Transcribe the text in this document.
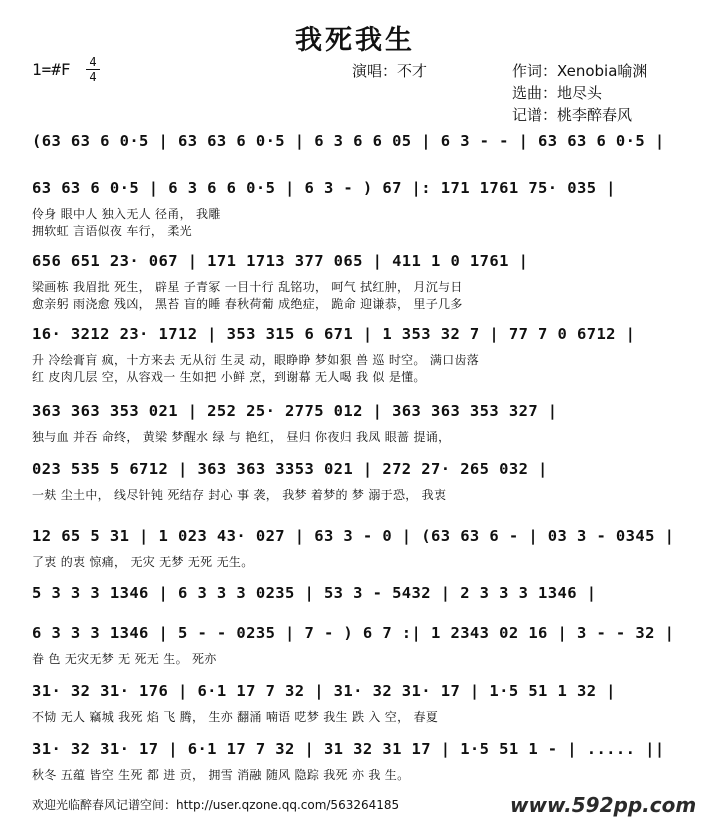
我死我生
1=#F 4
4	演唱：不才	作词：Xenobia喻渊
选曲：地尽头
记谱：桃李醉春风
(63 63 6 0·5 | 63 63 6 0·5 | 6 3 6 6 05 | 6 3 - - | 63 63 6 0·5 |
63 63 6 0·5 | 6 3 6 6 0·5 | 6 3 - ) 67 |: 171 1761 75· 035 |
伶身 眼中人 独入无人 径甬， 我雕
拥软虹 言语似夜 车行， 柔光
656 651 23· 067 | 171 1713 377 065 | 411 1 0 1761 |
梁画栋 我眉批 死生， 辟星 子青冢 一目十行 乱铭功， 呵气 拭红肿， 月沉与日
愈亲躬 雨浇愈 残凶， 黑苔 盲的睡 春秋荷葡 成绝症， 跪命 迎谦恭， 里子几多
16· 3212 23· 1712 | 353 315 6 671 | 1 353 32 7 | 77 7 0 6712 |
升 冷绘膏肓 疯，十方来去 无从衍 生灵 动，眼睁睁 梦如狠 兽 巡 时空。 满口齿落
红 皮肉几层 空，从容戏一 生如把 小鲜 烹，到谢幕 无人喝 我 似 是懂。
363 363 353 021 | 252 25· 2775 012 | 363 363 353 327 |
独与血 并吞 命终， 黄梁 梦醒水 绿 与 艳红， 昼归 你夜归 我凤 眼蔷 提诵，
023 535 5 6712 | 363 363 3353 021 | 272 27· 265 032 |
一麸 尘土中， 线尽针钝 死结存 封心 事 袭， 我梦 着梦的 梦 溺于恐， 我衷
12 65 5 31 | 1 023 43· 027 | 63 3 - 0 | (63 63 6 - | 03 3 - 0345 |
了衷 的衷 惊痛， 无灾 无梦 无死 无生。
5 3 3 3 1346 | 6 3 3 3 0235 | 53 3 - 5432 | 2 3 3 3 1346 |
6 3 3 3 1346 | 5 - - 0235 | 7 - ) 6 7 :| 1 2343 02 16 | 3 - - 32 |
眷 色 无灾无梦 无 死无 生。 死亦
31· 32 31· 176 | 6·1 17 7 32 | 31· 32 31· 17 | 1·5 51 1 32 |
不恸 无人 竊城 我死 焰 飞 腾， 生亦 翻涌 喃语 呓梦 我生 跌 入 空， 春夏
31· 32 31· 17 | 6·1 17 7 32 | 31 32 31 17 | 1·5 51 1 - | ..... ||
秋冬 五蕴 皆空 生死 都 进 贡， 拥雪 消融 随风 隐踪 我死 亦 我 生。
欢迎光临醉春风记谱空间：http://user.qzone.qq.com/563264185	www.592pp.com
